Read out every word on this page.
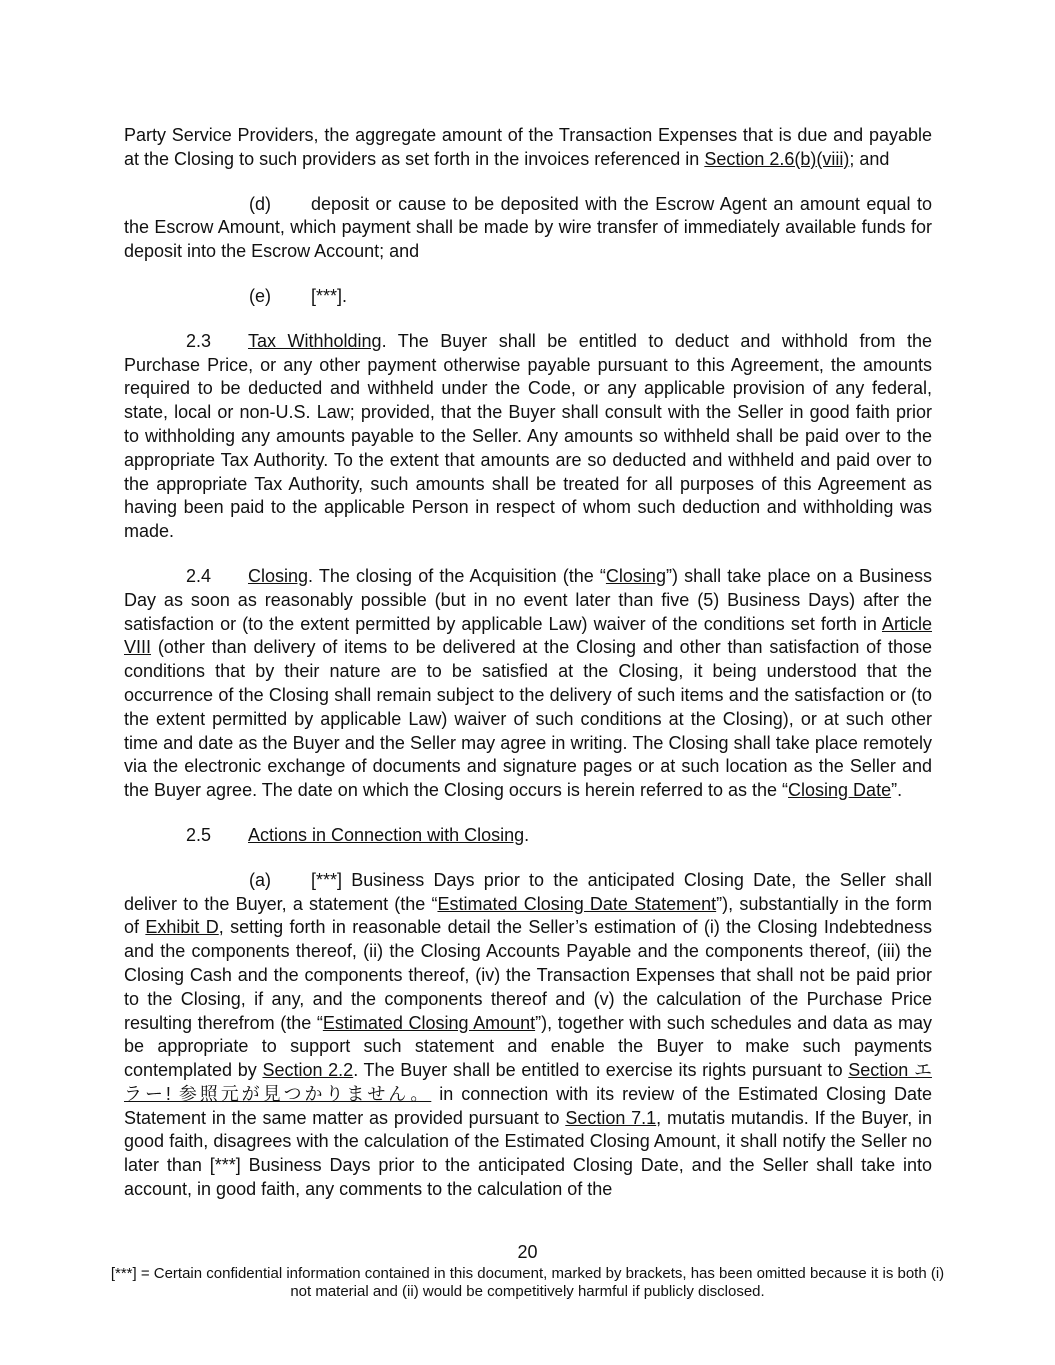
Party Service Providers, the aggregate amount of the Transaction Expenses that is due and payable at the Closing to such providers as set forth in the invoices referenced in Section 2.6(b)(viii); and

(d) deposit or cause to be deposited with the Escrow Agent an amount equal to the Escrow Amount, which payment shall be made by wire transfer of immediately available funds for deposit into the Escrow Account; and

(e) [***].

2.3 Tax Withholding. The Buyer shall be entitled to deduct and withhold from the Purchase Price, or any other payment otherwise payable pursuant to this Agreement, the amounts required to be deducted and withheld under the Code, or any applicable provision of any federal, state, local or non-U.S. Law; provided, that the Buyer shall consult with the Seller in good faith prior to withholding any amounts payable to the Seller. Any amounts so withheld shall be paid over to the appropriate Tax Authority. To the extent that amounts are so deducted and withheld and paid over to the appropriate Tax Authority, such amounts shall be treated for all purposes of this Agreement as having been paid to the applicable Person in respect of whom such deduction and withholding was made.

2.4 Closing. The closing of the Acquisition (the “Closing”) shall take place on a Business Day as soon as reasonably possible (but in no event later than five (5) Business Days) after the satisfaction or (to the extent permitted by applicable Law) waiver of the conditions set forth in Article VIII (other than delivery of items to be delivered at the Closing and other than satisfaction of those conditions that by their nature are to be satisfied at the Closing, it being understood that the occurrence of the Closing shall remain subject to the delivery of such items and the satisfaction or (to the extent permitted by applicable Law) waiver of such conditions at the Closing), or at such other time and date as the Buyer and the Seller may agree in writing. The Closing shall take place remotely via the electronic exchange of documents and signature pages or at such location as the Seller and the Buyer agree. The date on which the Closing occurs is herein referred to as the “Closing Date”.

2.5 Actions in Connection with Closing.

(a) [***] Business Days prior to the anticipated Closing Date, the Seller shall deliver to the Buyer, a statement (the “Estimated Closing Date Statement”), substantially in the form of Exhibit D, setting forth in reasonable detail the Seller’s estimation of (i) the Closing Indebtedness and the components thereof, (ii) the Closing Accounts Payable and the components thereof, (iii) the Closing Cash and the components thereof, (iv) the Transaction Expenses that shall not be paid prior to the Closing, if any, and the components thereof and (v) the calculation of the Purchase Price resulting therefrom (the “Estimated Closing Amount”), together with such schedules and data as may be appropriate to support such statement and enable the Buyer to make such payments contemplated by Section 2.2. The Buyer shall be entitled to exercise its rights pursuant to Section エラー! 参照元が見つかりません。 in connection with its review of the Estimated Closing Date Statement in the same matter as provided pursuant to Section 7.1, mutatis mutandis. If the Buyer, in good faith, disagrees with the calculation of the Estimated Closing Amount, it shall notify the Seller no later than [***] Business Days prior to the anticipated Closing Date, and the Seller shall take into account, in good faith, any comments to the calculation of the

20
[***] = Certain confidential information contained in this document, marked by brackets, has been omitted because it is both (i) not material and (ii) would be competitively harmful if publicly disclosed.
